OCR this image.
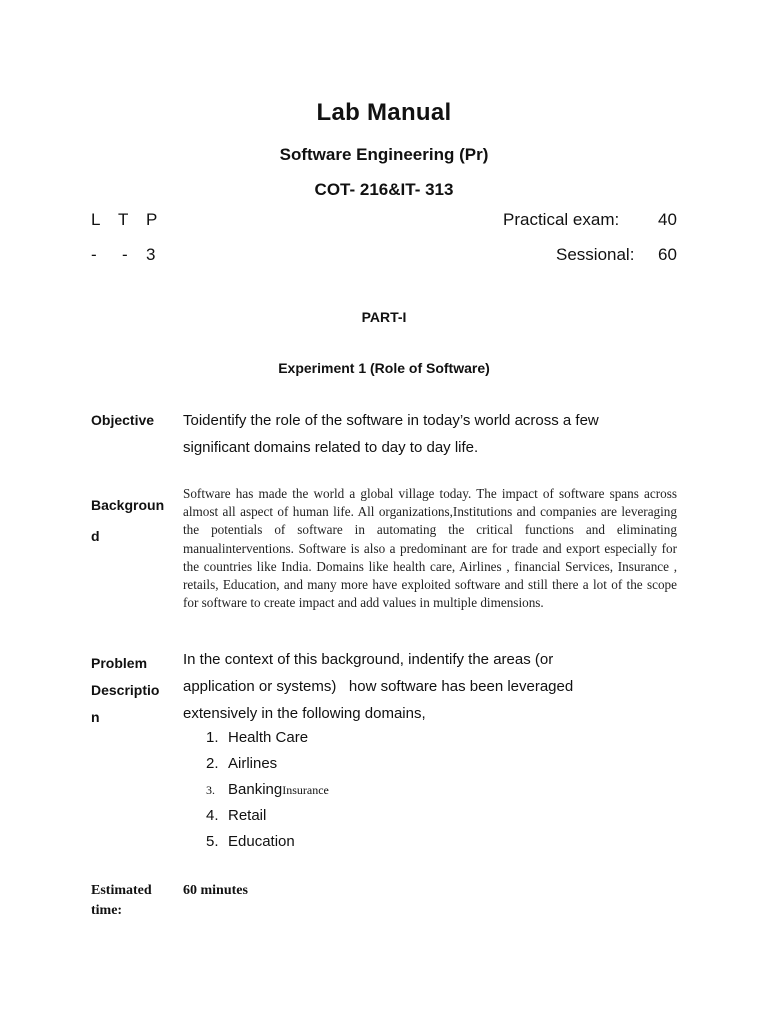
Lab Manual
Software Engineering (Pr)
COT- 216&IT- 313
L T P
- - 3
Practical exam: 40
Sessional: 60
PART-I
Experiment 1 (Role of Software)
Objective Toidentify the role of the software in today’s world across a few
significant domains related to day to day life.
Backgroun
d
Software has made the world a global village today. The impact of software spans across almost all aspect of human life. All organizations,Institutions and companies are leveraging the potentials of software in automating the critical functions and eliminating manualinterventions. Software is also a predominant are for trade and export especially for the countries like India. Domains like health care, Airlines , financial Services, Insurance , retails, Education, and many more have exploited software and still there a lot of the scope for software to create impact and add values in multiple dimensions.
Problem
Descriptio
n
In the context of this background, indentify the areas (or
application or systems)   how software has been leveraged
extensively in the following domains,
1. Health Care
2. Airlines
3. BankingInsurance
4. Retail
5. Education
Estimated
time:
60 minutes
